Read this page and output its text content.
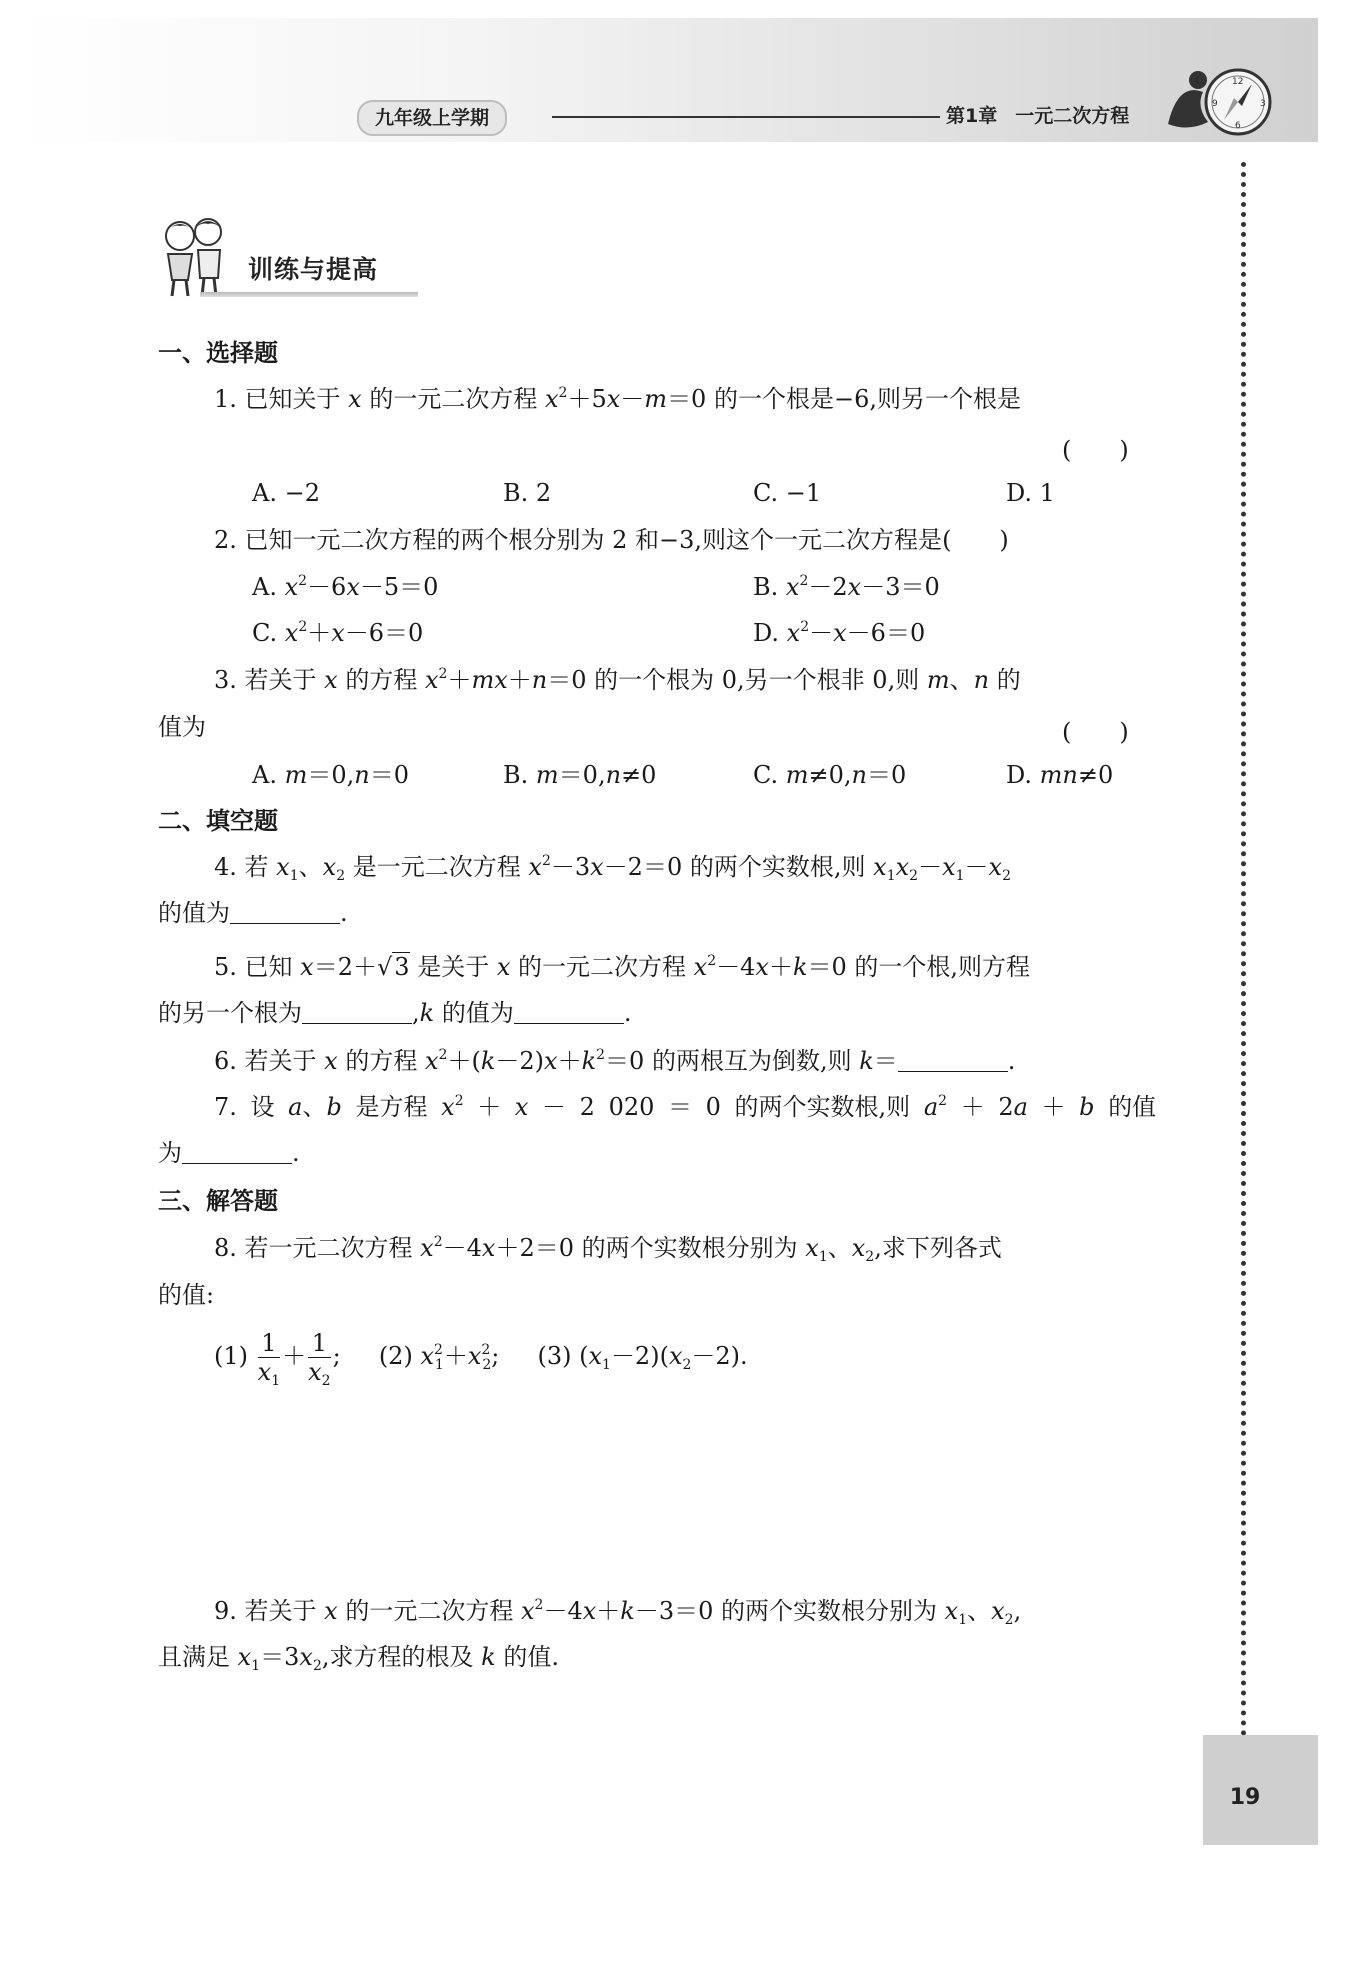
九年级上学期	第1章 一元二次方程
12
3
6
9
19
训练与提高
一、选择题
1. 已知关于 x 的一元二次方程 $x^2+5x-m=0$ 的一个根是−6,则另一个根是
(　　)
A. −2	B. 2	C. −1	D. 1
2. 已知一元二次方程的两个根分别为 2 和−3,则这个一元二次方程是(　　)
A. $x^2-6x-5=0$	B. $x^2-2x-3=0$
C. $x^2+x-6=0$	D. $x^2-x-6=0$
3. 若关于 x 的方程 $x^2+mx+n=0$ 的一个根为 0,另一个根非 0,则 m、n 的
值为	(　　)
A. m＝0,n＝0	B. m＝0,n≠0	C. m≠0,n＝0	D. mn≠0
二、填空题
4. 若 $x_1$、$x_2$ 是一元二次方程 $x^2-3x-2=0$ 的两个实数根,则 $x_1x_2-x_1-x_2$
的值为	.
5. 已知 x＝2＋√3 是关于 x 的一元二次方程 $x^2-4x+k=0$ 的一个根,则方程
的另一个根为	,k 的值为	.
6. 若关于 x 的方程 $x^2+(k-2)x+k^2=0$ 的两根互为倒数,则 k＝	.
7. 设 a、b 是方程 $x^2 + x - 2$ 020 ＝ 0 的两个实数根,则 $a^2 + 2a + b$ 的值
为	.
三、解答题
8. 若一元二次方程 $x^2-4x+2=0$ 的两个实数根分别为 $x_1$、$x_2$,求下列各式
的值:
$(1) \frac{1}{x_1} + \frac{1}{x_2}$ ;     (2) $x^2_1+x^2_2$;     (3) $(x_1-2)(x_2-2)$.
9. 若关于 x 的一元二次方程 $x^2-4x+k-3=0$ 的两个实数根分别为 $x_1$、$x_2$,
且满足 $x_1=3x_2$,求方程的根及 k 的值.
